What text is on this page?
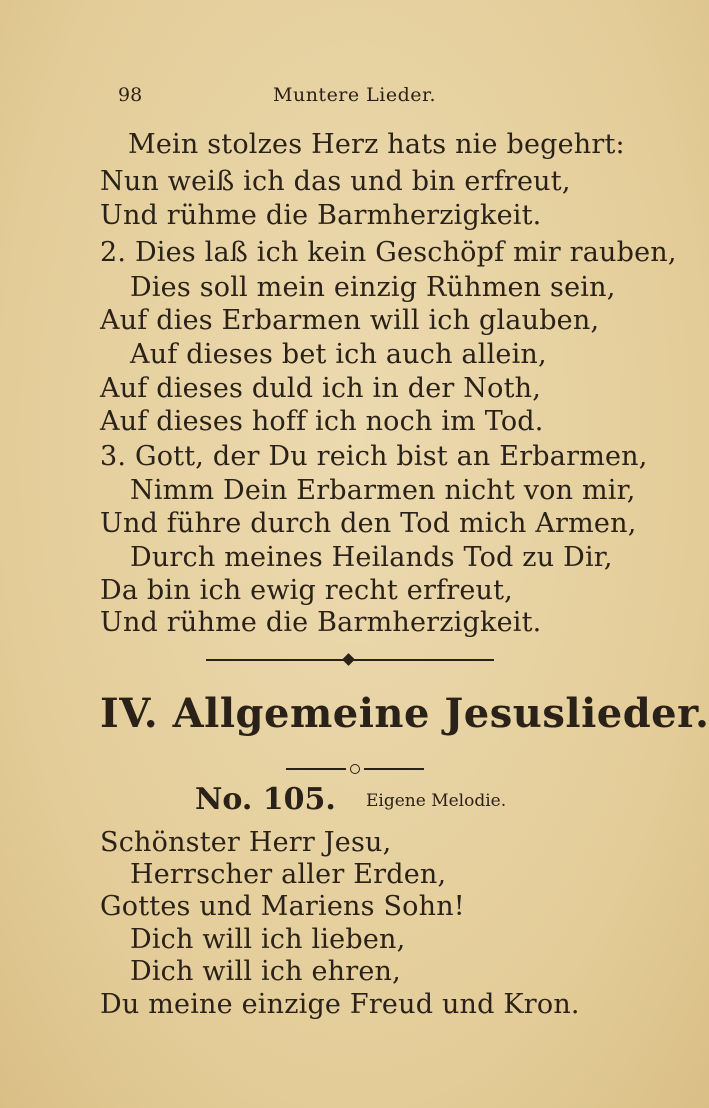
98	Muntere Lieder.
Mein stolzes Herz hats nie begehrt:
Nun weiß ich das und bin erfreut,
Und rühme die Barmherzigkeit.
2. Dies laß ich kein Geschöpf mir rauben,
Dies soll mein einzig Rühmen sein,
Auf dies Erbarmen will ich glauben,
Auf dieses bet ich auch allein,
Auf dieses duld ich in der Noth,
Auf dieses hoff ich noch im Tod.
3. Gott, der Du reich bist an Erbarmen,
Nimm Dein Erbarmen nicht von mir,
Und führe durch den Tod mich Armen,
Durch meines Heilands Tod zu Dir,
Da bin ich ewig recht erfreut,
Und rühme die Barmherzigkeit.
IV. Allgemeine Jesuslieder.
No. 105. Eigene Melodie.
Schönster Herr Jesu,
Herrscher aller Erden,
Gottes und Mariens Sohn!
Dich will ich lieben,
Dich will ich ehren,
Du meine einzige Freud und Kron.
